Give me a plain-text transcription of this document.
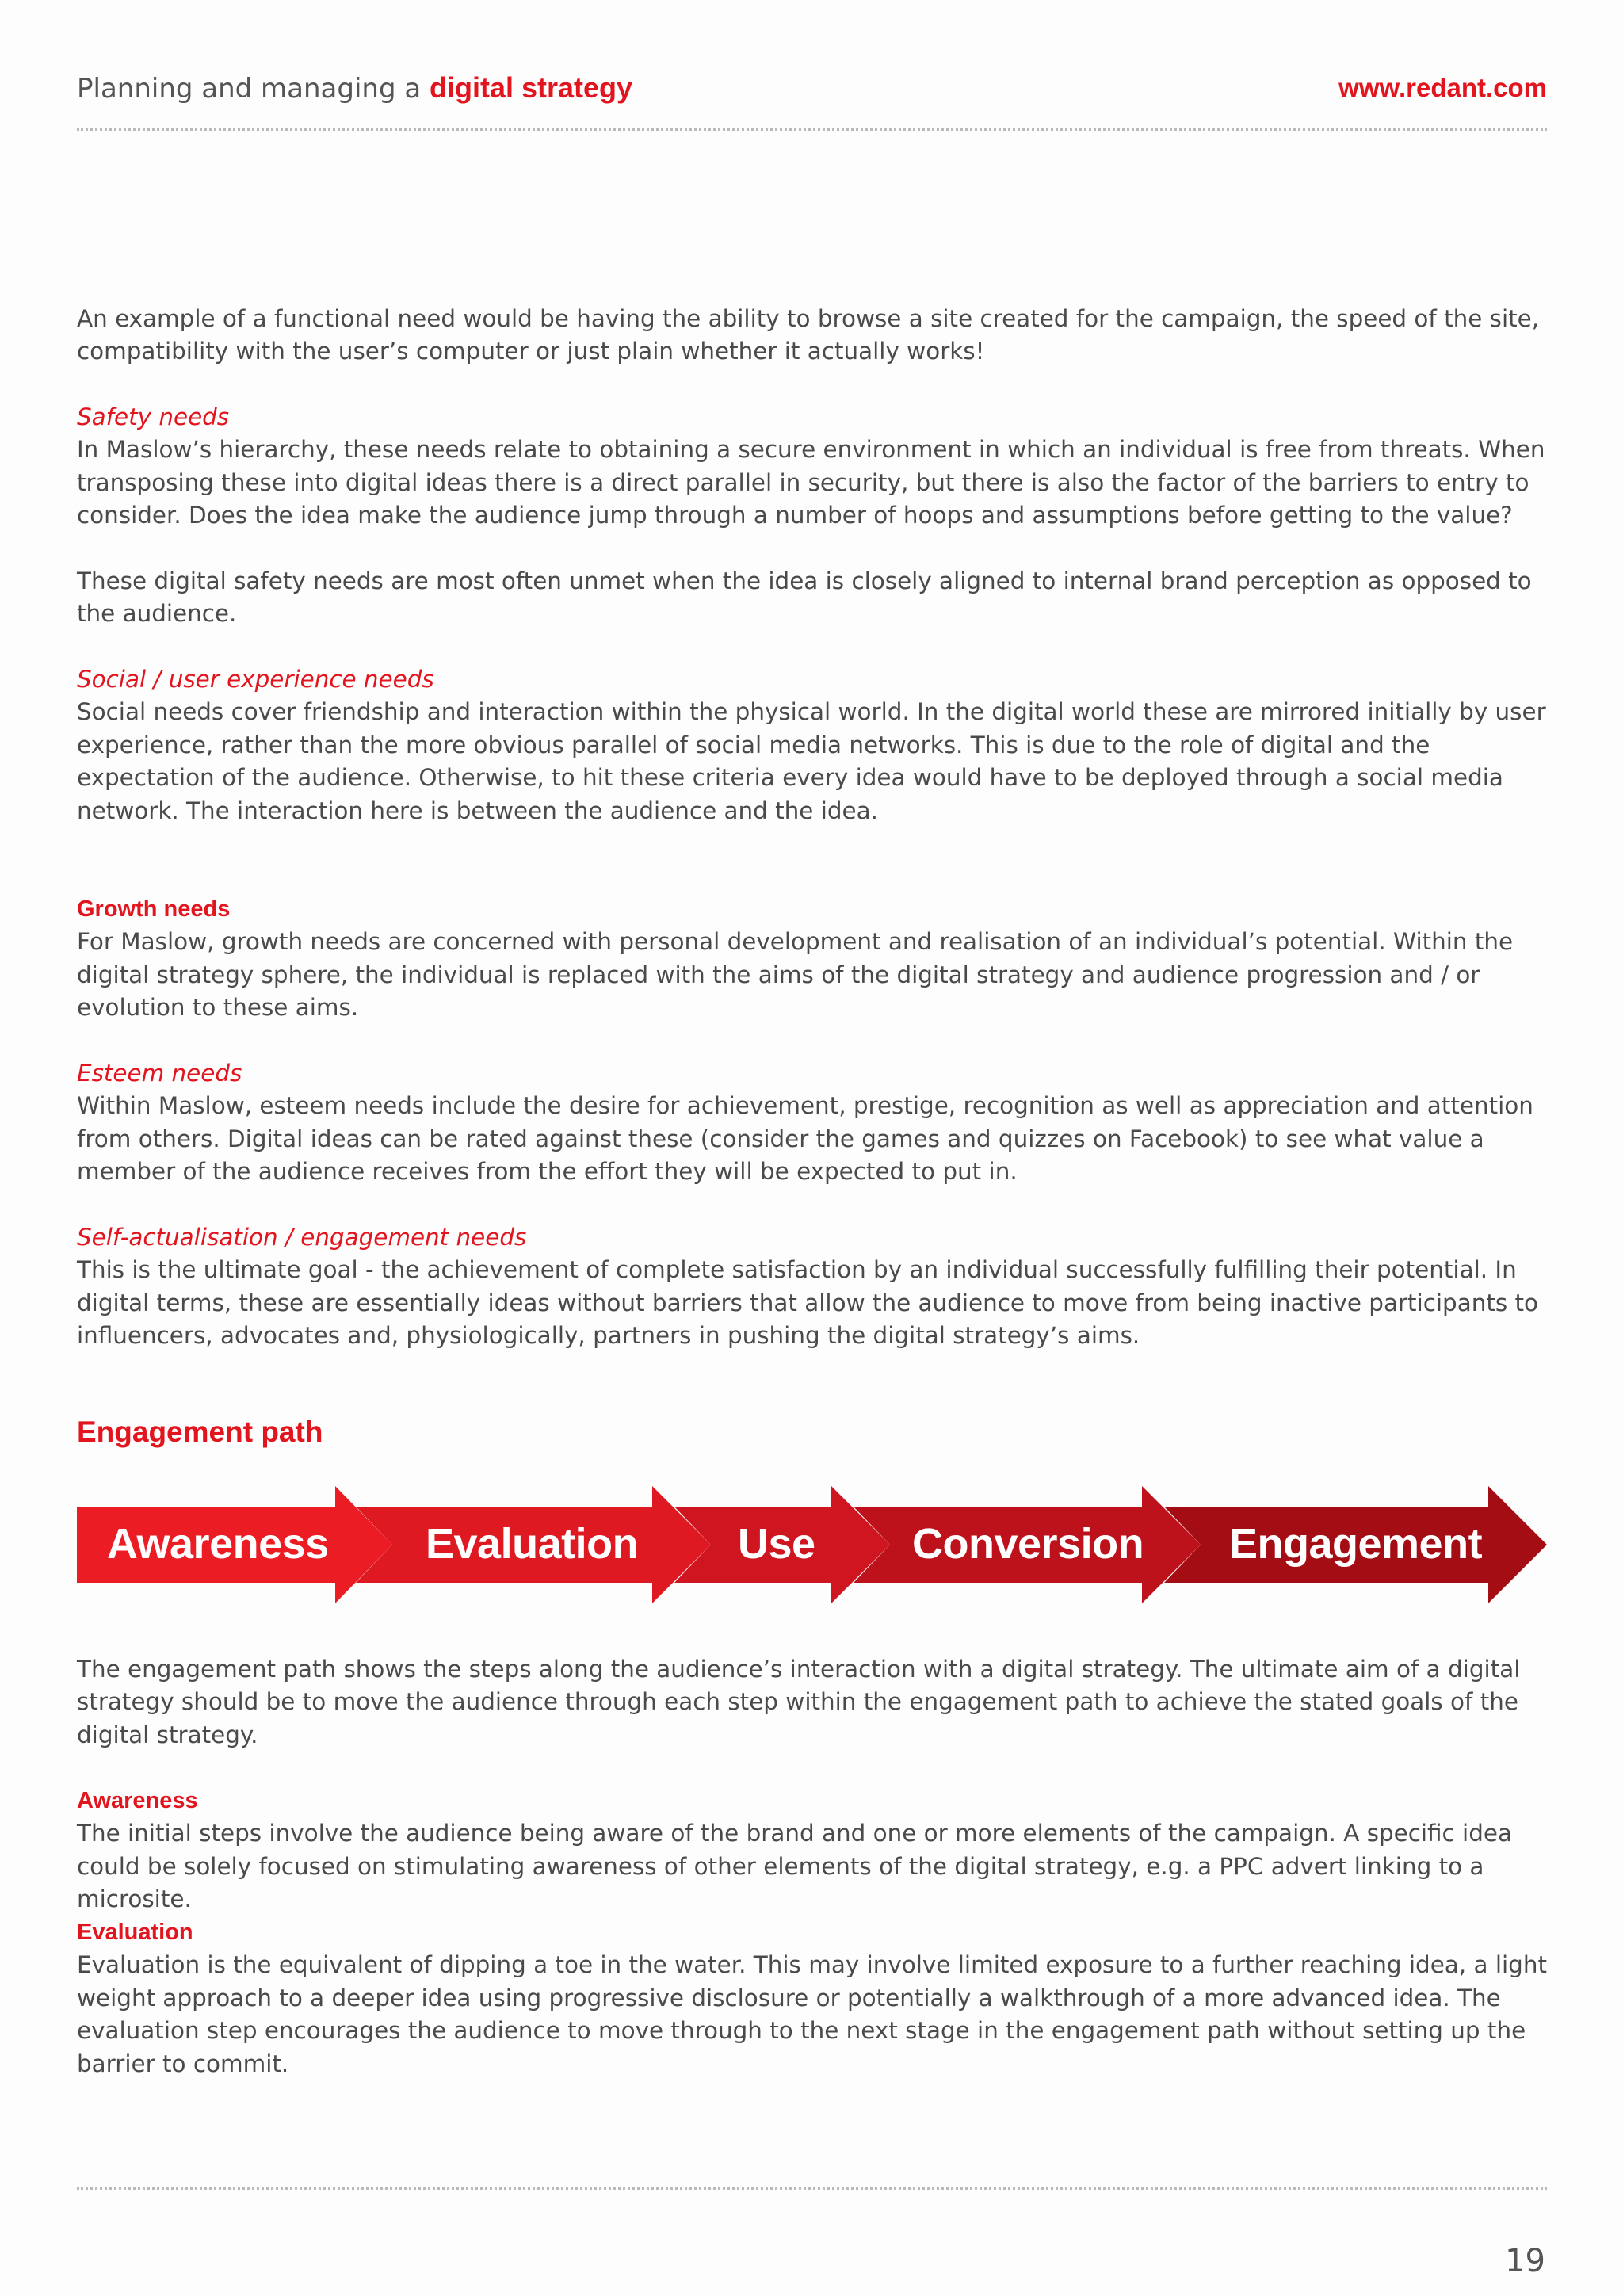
Planning and managing a digital strategy	www.redant.com

An example of a functional need would be having the ability to browse a site created for the campaign, the speed of the site, compatibility with the user’s computer or just plain whether it actually works!

Safety needs

In Maslow’s hierarchy, these needs relate to obtaining a secure environment in which an individual is free from threats. When transposing these into digital ideas there is a direct parallel in security, but there is also the factor of the barriers to entry to consider. Does the idea make the audience jump through a number of hoops and assumptions before getting to the value?

These digital safety needs are most often unmet when the idea is closely aligned to internal brand perception as opposed to the audience.

Social / user experience needs

Social needs cover friendship and interaction within the physical world. In the digital world these are mirrored initially by user experience, rather than the more obvious parallel of social media networks. This is due to the role of digital and the expectation of the audience. Otherwise, to hit these criteria every idea would have to be deployed through a social media network. The interaction here is between the audience and the idea.

Growth needs

For Maslow, growth needs are concerned with personal development and realisation of an individual’s potential. Within the digital strategy sphere, the individual is replaced with the aims of the digital strategy and audience progression and / or evolution to these aims.

Esteem needs

Within Maslow, esteem needs include the desire for achievement, prestige, recognition as well as appreciation and attention from others. Digital ideas can be rated against these (consider the games and quizzes on Facebook) to see what value a member of the audience receives from the effort they will be expected to put in.

Self-actualisation / engagement needs

This is the ultimate goal - the achievement of complete satisfaction by an individual successfully fulfilling their potential. In digital terms, these are essentially ideas without barriers that allow the audience to move from being inactive participants to influencers, advocates and, physiologically, partners in pushing the digital strategy’s aims.

Engagement path
Awareness Evaluation Use Conversion Engagement

The engagement path shows the steps along the audience’s interaction with a digital strategy. The ultimate aim of a digital strategy should be to move the audience through each step within the engagement path to achieve the stated goals of the digital strategy.

Awareness

The initial steps involve the audience being aware of the brand and one or more elements of the campaign. A specific idea could be solely focused on stimulating awareness of other elements of the digital strategy, e.g. a PPC advert linking to a microsite.

Evaluation

Evaluation is the equivalent of dipping a toe in the water. This may involve limited exposure to a further reaching idea, a light weight approach to a deeper idea using progressive disclosure or potentially a walkthrough of a more advanced idea. The evaluation step encourages the audience to move through to the next stage in the engagement path without setting up the barrier to commit.

19
